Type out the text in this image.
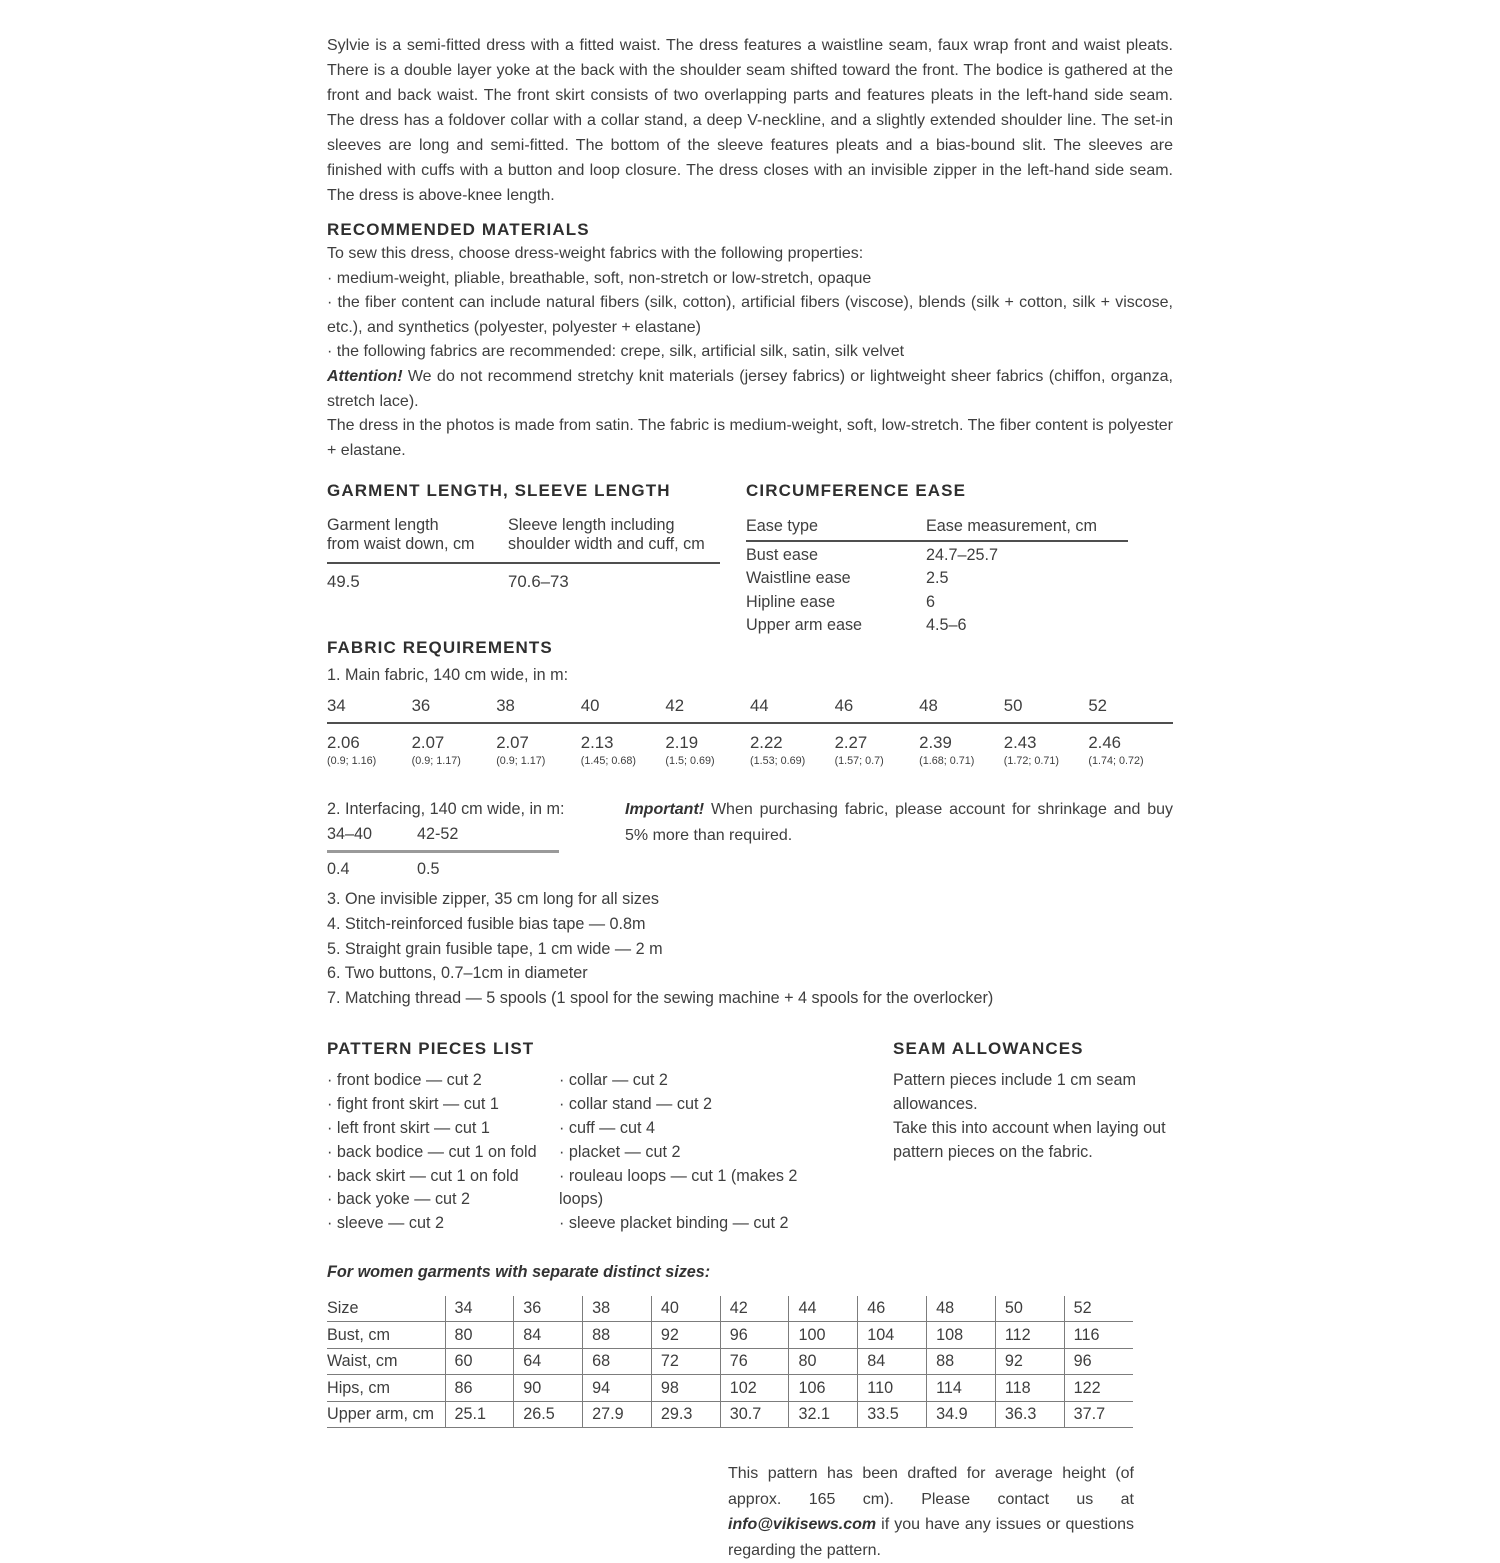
Sylvie is a semi-fitted dress with a fitted waist. The dress features a waistline seam, faux wrap front and waist pleats. There is a double layer yoke at the back with the shoulder seam shifted toward the front. The bodice is gathered at the front and back waist. The front skirt consists of two overlapping parts and features pleats in the left-hand side seam. The dress has a foldover collar with a collar stand, a deep V-neckline, and a slightly extended shoulder line. The set-in sleeves are long and semi-fitted. The bottom of the sleeve features pleats and a bias-bound slit. The sleeves are finished with cuffs with a button and loop closure. The dress closes with an invisible zipper in the left-hand side seam. The dress is above-knee length.

RECOMMENDED MATERIALS

To sew this dress, choose dress-weight fabrics with the following properties:

· medium-weight, pliable, breathable, soft, non-stretch or low-stretch, opaque

· the fiber content can include natural fibers (silk, cotton), artificial fibers (viscose), blends (silk + cotton, silk + viscose, etc.), and synthetics (polyester, polyester + elastane)

· the following fabrics are recommended: crepe, silk, artificial silk, satin, silk velvet

Attention! We do not recommend stretchy knit materials (jersey fabrics) or lightweight sheer fabrics (chiffon, organza, stretch lace).

The dress in the photos is made from satin. The fabric is medium-weight, soft, low-stretch. The fiber content is polyester + elastane.

GARMENT LENGTH, SLEEVE LENGTH
Garment length
from waist down, cm
Sleeve length including
shoulder width and cuff, cm
49.5	70.6–73
CIRCUMFERENCE EASE
Ease type	Ease measurement, cm
Bust ease	24.7–25.7
Waistline ease	2.5
Hipline ease	6
Upper arm ease	4.5–6
FABRIC REQUIREMENTS

1. Main fabric, 140 cm wide, in m:

34	36	38	40	42	44	46	48	50	52
2.06	2.07	2.07	2.13	2.19	2.22	2.27	2.39	2.43	2.46
(0.9; 1.16)	(0.9; 1.17)	(0.9; 1.17)	(1.45; 0.68)	(1.5; 0.69)	(1.53; 0.69)	(1.57; 0.7)	(1.68; 0.71)	(1.72; 0.71)	(1.74; 0.72)

2. Interfacing, 140 cm wide, in m:

34–40	42-52
0.4	0.5

Important! When purchasing fabric, please account for shrinkage and buy 5% more than required.

3. One invisible zipper, 35 cm long for all sizes

4. Stitch-reinforced fusible bias tape — 0.8m

5. Straight grain fusible tape, 1 cm wide — 2 m

6. Two buttons, 0.7–1cm in diameter

7. Matching thread — 5 spools (1 spool for the sewing machine + 4 spools for the overlocker)

PATTERN PIECES LIST

· front bodice — cut 2

· fight front skirt — cut 1

· left front skirt — cut 1

· back bodice — cut 1 on fold

· back skirt — cut 1 on fold

· back yoke — cut 2

· sleeve — cut 2

· collar — cut 2

· collar stand — cut 2

· cuff — cut 4

· placket — cut 2

· rouleau loops — cut 1 (makes 2 loops)

· sleeve placket binding — cut 2

SEAM ALLOWANCES

Pattern pieces include 1 cm seam allowances.

Take this into account when laying out pattern pieces on the fabric.

For women garments with separate distinct sizes:

Size	34	36	38	40	42	44	46	48	50	52
Bust, cm	80	84	88	92	96	100	104	108	112	116
Waist, cm	60	64	68	72	76	80	84	88	92	96
Hips, cm	86	90	94	98	102	106	110	114	118	122
Upper arm, cm	25.1	26.5	27.9	29.3	30.7	32.1	33.5	34.9	36.3	37.7

This pattern has been drafted for average height (of approx. 165 cm). Please contact us at info@vikisews.com if you have any issues or questions regarding the pattern.
